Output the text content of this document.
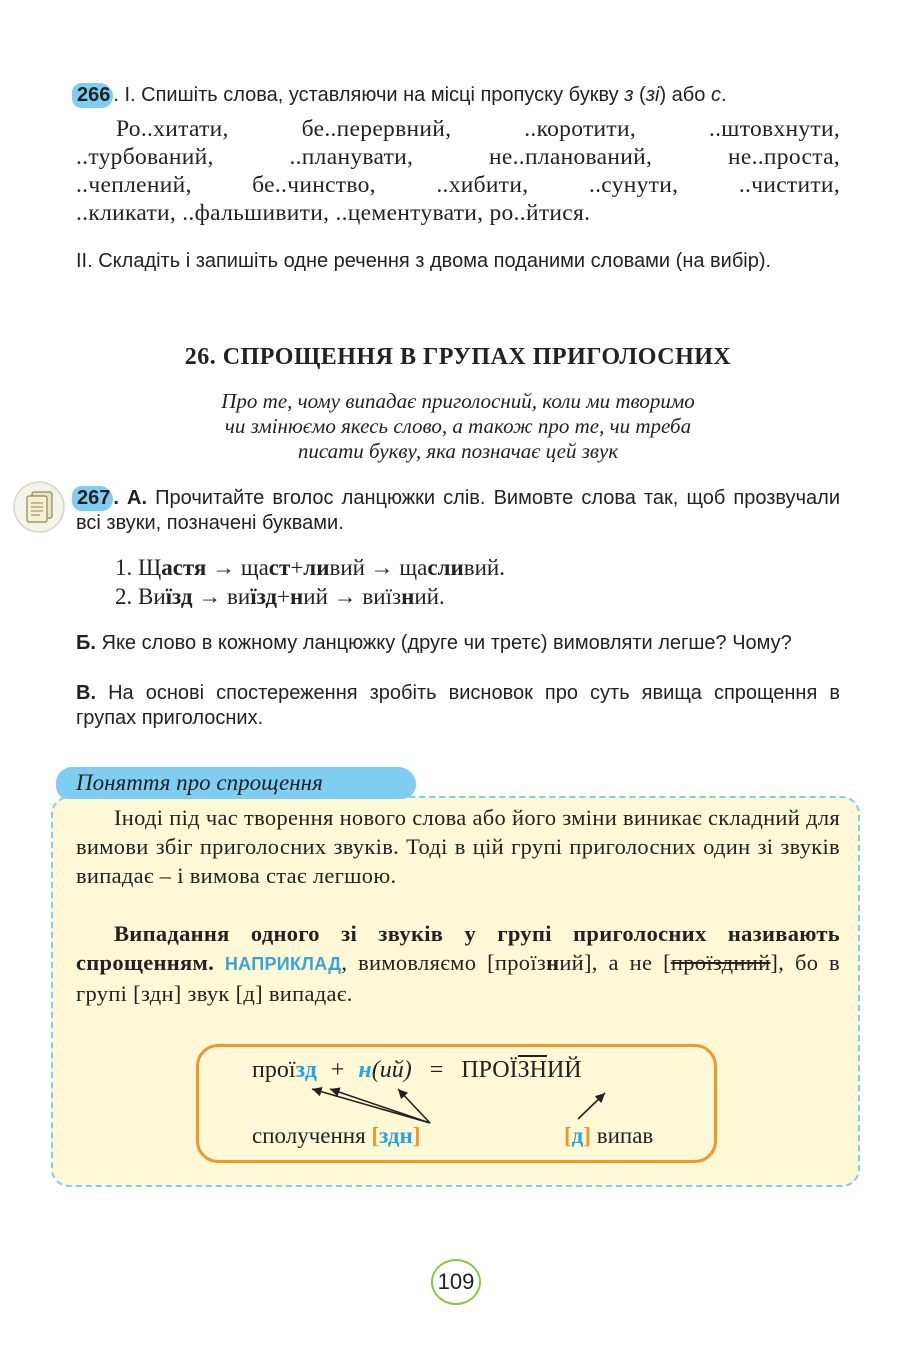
266 . I. Спишіть слова, уставляючи на місці пропуску букву з (зі) або с.
Ро..хитати, бе..перервний, ..коротити, ..штовхнути,
..турбований, ..планувати, не..планований, не..проста,
..чеплений, бе..чинство, ..хибити, ..сунути, ..чистити,
..кликати, ..фальшивити, ..цементувати, ро..йтися.
II. Складіть і запишіть одне речення з двома поданими словами (на вибір).
26. СПРОЩЕННЯ В ГРУПАХ ПРИГОЛОСНИХ
Про те, чому випадає приголосний, коли ми творимо
чи змінюємо якесь слово, а також про те, чи треба
писати букву, яка позначає цей звук
267 . А. Прочитайте вголос ланцюжки слів. Вимовте слова так, щоб прозвучали всі звуки, позначені буквами.
1. Щастя → щаст+ливий → щасливий.
2. Виїзд → виїзд+ний → виїзний.
Б. Яке слово в кожному ланцюжку (друге чи третє) вимовляти легше? Чому?
В. На основі спостереження зробіть висновок про суть явища спрощення в групах приголосних.
Поняття про спрощення
Іноді під час творення нового слова або його зміни виникає складний для вимови збіг приголосних звуків. Тоді в цій групі приголосних один зі звуків випадає – і вимова стає легшою.
Випадання одного зі звуків у групі приголосних називають спрощенням. НАПРИКЛАД, вимовляємо [проїзний], а не [проїздний], бо в групі [здн] звук [д] випадає.
проїзд + н(ий) = ПРОЇЗНИЙ
сполучення [здн]	[д] випав
109
